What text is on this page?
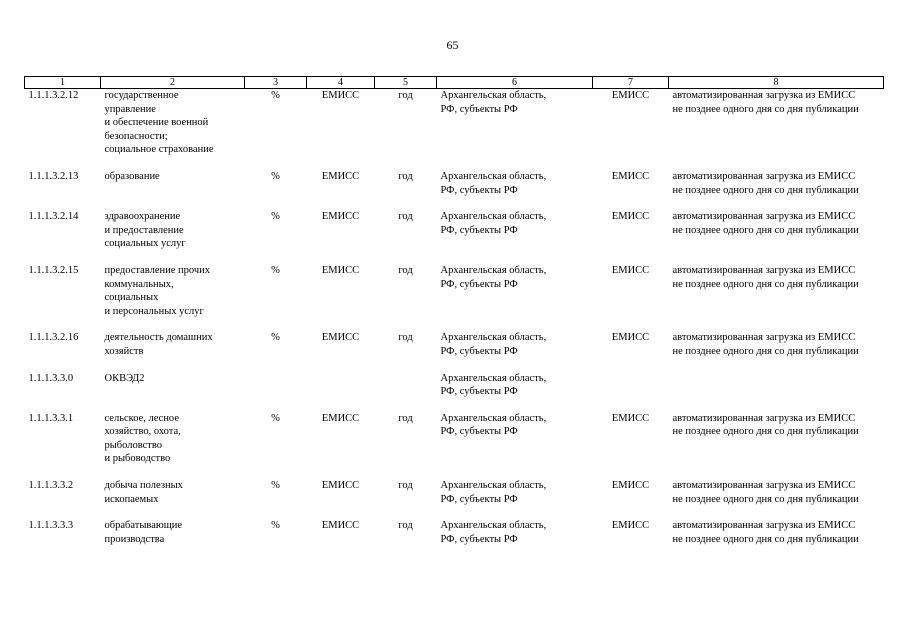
65
1	2	3	4	5	6	7	8
1.1.1.3.2.12	государственное
управление
и обеспечение военной
безопасности;
социальное страхование	%	ЕМИСС	год	Архангельская область,
РФ, субъекты РФ	ЕМИСС	автоматизированная загрузка из ЕМИСС
не позднее одного дня со дня публикации
1.1.1.3.2.13	образование	%	ЕМИСС	год	Архангельская область,
РФ, субъекты РФ	ЕМИСС	автоматизированная загрузка из ЕМИСС
не позднее одного дня со дня публикации
1.1.1.3.2.14	здравоохранение
и предоставление
социальных услуг	%	ЕМИСС	год	Архангельская область,
РФ, субъекты РФ	ЕМИСС	автоматизированная загрузка из ЕМИСС
не позднее одного дня со дня публикации
1.1.1.3.2.15	предоставление прочих
коммунальных,
социальных
и персональных услуг	%	ЕМИСС	год	Архангельская область,
РФ, субъекты РФ	ЕМИСС	автоматизированная загрузка из ЕМИСС
не позднее одного дня со дня публикации
1.1.1.3.2.16	деятельность домашних
хозяйств	%	ЕМИСС	год	Архангельская область,
РФ, субъекты РФ	ЕМИСС	автоматизированная загрузка из ЕМИСС
не позднее одного дня со дня публикации
1.1.1.3.3.0	ОКВЭД2				Архангельская область,
РФ, субъекты РФ		
1.1.1.3.3.1	сельское, лесное
хозяйство, охота,
рыболовство
и рыбоводство	%	ЕМИСС	год	Архангельская область,
РФ, субъекты РФ	ЕМИСС	автоматизированная загрузка из ЕМИСС
не позднее одного дня со дня публикации
1.1.1.3.3.2	добыча полезных
ископаемых	%	ЕМИСС	год	Архангельская область,
РФ, субъекты РФ	ЕМИСС	автоматизированная загрузка из ЕМИСС
не позднее одного дня со дня публикации
1.1.1.3.3.3	обрабатывающие
производства	%	ЕМИСС	год	Архангельская область,
РФ, субъекты РФ	ЕМИСС	автоматизированная загрузка из ЕМИСС
не позднее одного дня со дня публикации
